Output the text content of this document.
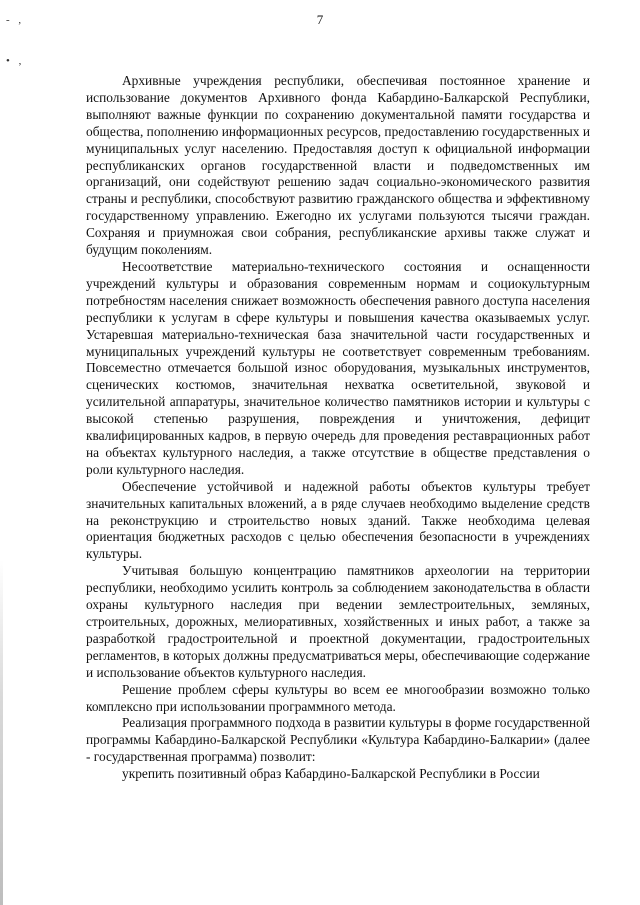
- ,
• ,
7

Архивные учреждения республики, обеспечивая постоянное хранение и использование документов Архивного фонда Кабардино-Балкарской Республики, выполняют важные функции по сохранению документальной памяти государства и общества, пополнению информационных ресурсов, предоставлению государственных и муниципальных услуг населению. Предоставляя доступ к официальной информации республиканских органов государственной власти и подведомственных им организаций, они содействуют решению задач социально-экономического развития страны и республики, способствуют развитию гражданского общества и эффективному государственному управлению. Ежегодно их услугами пользуются тысячи граждан. Сохраняя и приумножая свои собрания, республиканские архивы также служат и будущим поколениям.

Несоответствие материально-технического состояния и оснащенности учреждений культуры и образования современным нормам и социокультурным потребностям населения снижает возможность обеспечения равного доступа населения республики к услугам в сфере культуры и повышения качества оказываемых услуг. Устаревшая материально-техническая база значительной части государственных и муниципальных учреждений культуры не соответствует современным требованиям. Повсеместно отмечается большой износ оборудования, музыкальных инструментов, сценических костюмов, значительная нехватка осветительной, звуковой и усилительной аппаратуры, значительное количество памятников истории и культуры с высокой степенью разрушения, повреждения и уничтожения, дефицит квалифицированных кадров, в первую очередь для проведения реставрационных работ на объектах культурного наследия, а также отсутствие в обществе представления о роли культурного наследия.

Обеспечение устойчивой и надежной работы объектов культуры требует значительных капитальных вложений, а в ряде случаев необходимо выделение средств на реконструкцию и строительство новых зданий. Также необходима целевая ориентация бюджетных расходов с целью обеспечения безопасности в учреждениях культуры.

Учитывая большую концентрацию памятников археологии на территории республики, необходимо усилить контроль за соблюдением законодательства в области охраны культурного наследия при ведении землестроительных, земляных, строительных, дорожных, мелиоративных, хозяйственных и иных работ, а также за разработкой градостроительной и проектной документации, градостроительных регламентов, в которых должны предусматриваться меры, обеспечивающие содержание и использование объектов культурного наследия.

Решение проблем сферы культуры во всем ее многообразии возможно только комплексно при использовании программного метода.

Реализация программного подхода в развитии культуры в форме государственной программы Кабардино-Балкарской Республики «Культура Кабардино-Балкарии» (далее - государственная программа) позволит:

укрепить позитивный образ Кабардино-Балкарской Республики в России
